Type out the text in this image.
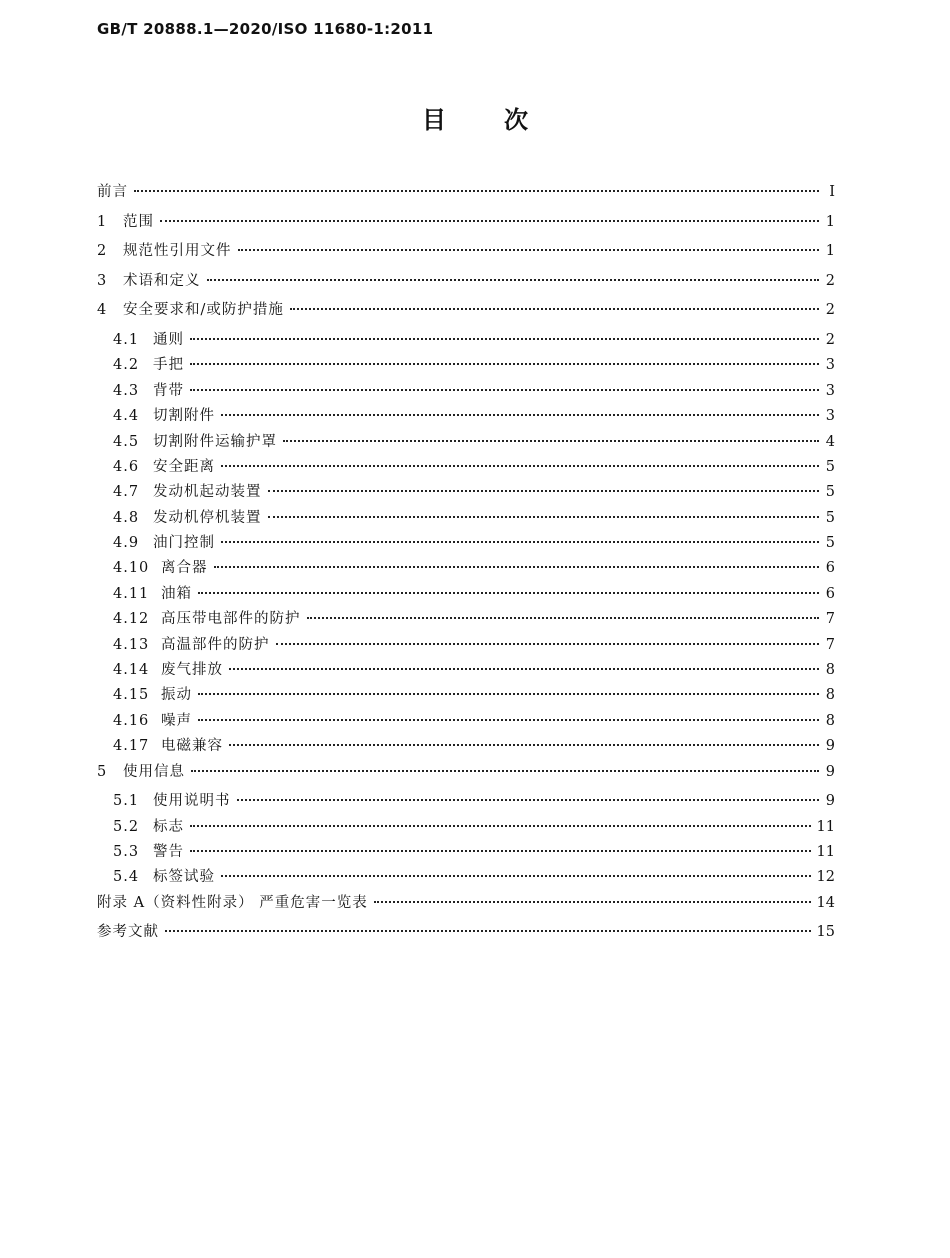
GB/T 20888.1—2020/ISO 11680-1:2011
目次
前言	Ⅰ
1	范围	1
2	规范性引用文件	1
3	术语和定义	2
4	安全要求和/或防护措施	2
4.1 通则	2
4.2 手把	3
4.3 背带	3
4.4 切割附件	3
4.5 切割附件运输护罩	4
4.6 安全距离	5
4.7 发动机起动装置	5
4.8 发动机停机装置	5
4.9 油门控制	5
4.10 离合器	6
4.11 油箱	6
4.12 高压带电部件的防护	7
4.13 高温部件的防护	7
4.14 废气排放	8
4.15 振动	8
4.16 噪声	8
4.17 电磁兼容	9
5	使用信息	9
5.1 使用说明书	9
5.2 标志	11
5.3 警告	11
5.4 标签试验	12
附录 A（资料性附录） 严重危害一览表	14
参考文献	15
